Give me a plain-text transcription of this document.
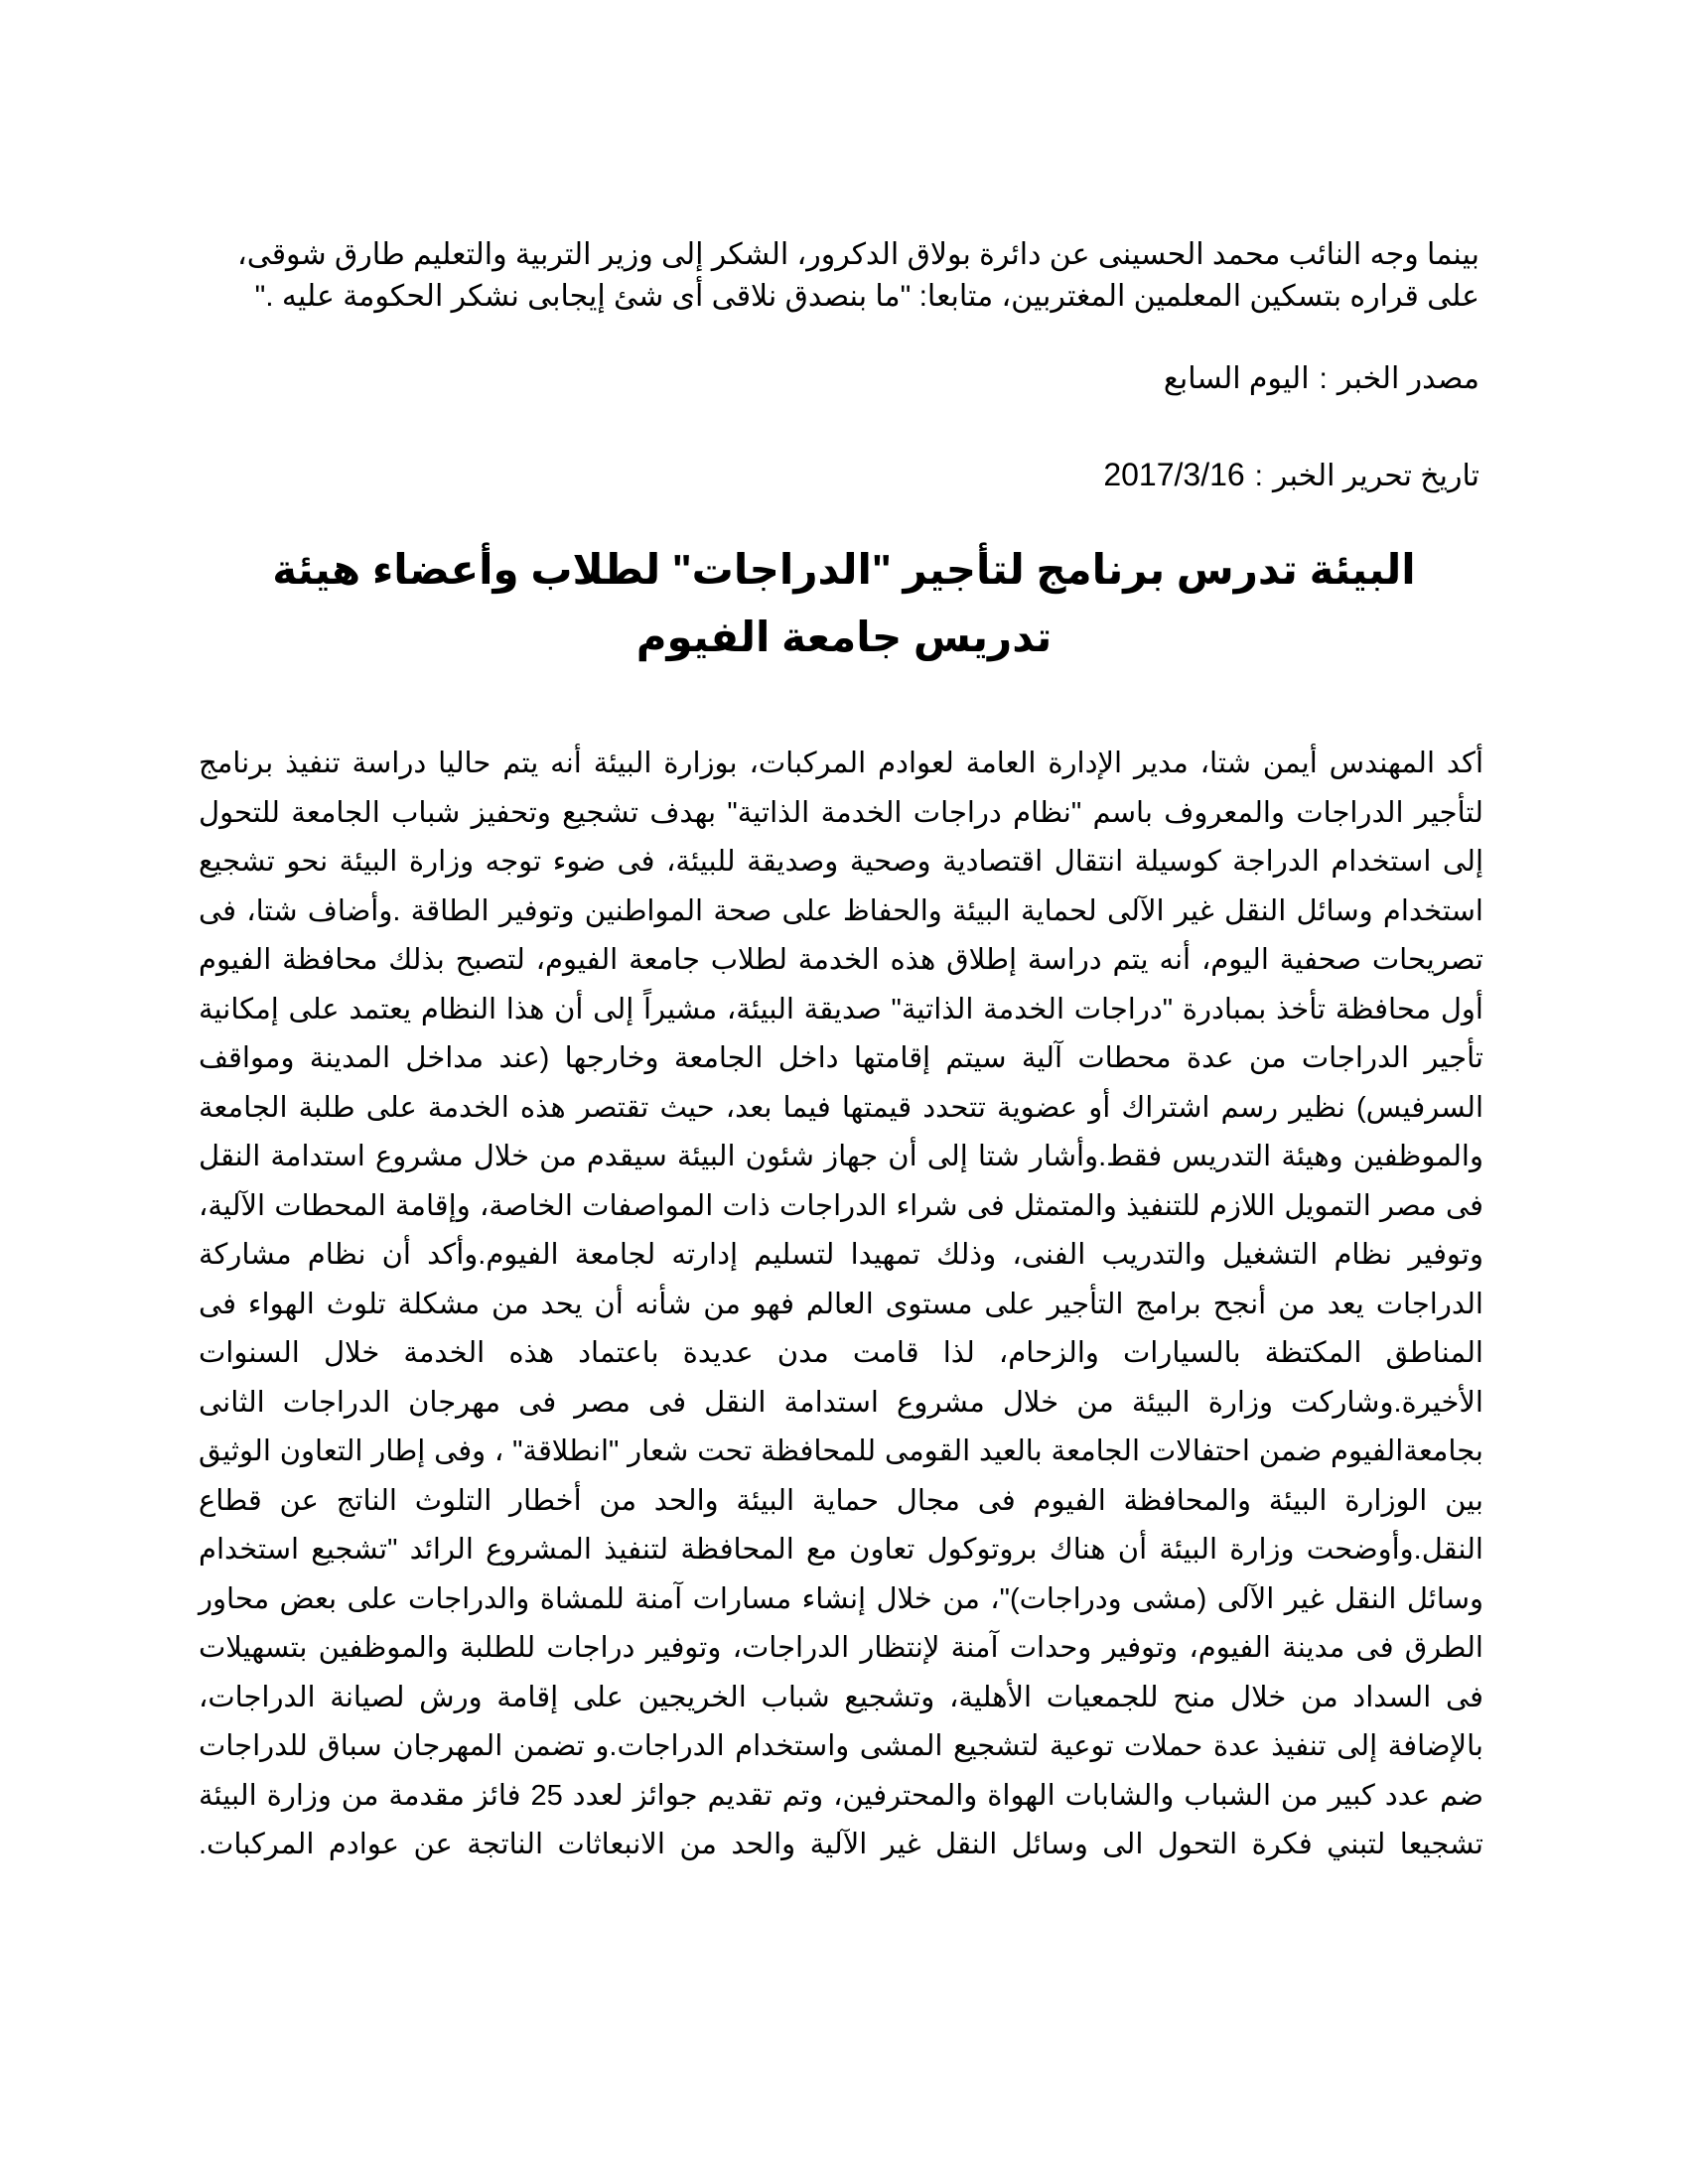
بينما وجه النائب محمد الحسينى عن دائرة بولاق الدكرور، الشكر إلى وزير التربية والتعليم طارق شوقى، على قراره بتسكين المعلمين المغتربين، متابعا: "ما بنصدق نلاقى أى شئ إيجابى نشكر الحكومة عليه ."

مصدر الخبر:اليوم السابع

تاريخ تحرير الخبر:2017/3/16

البيئة تدرس برنامج لتأجير "الدراجات" لطلاب وأعضاء هيئة تدريس جامعة الفيوم

أكد المهندس أيمن شتا، مدير الإدارة العامة لعوادم المركبات، بوزارة البيئة أنه يتم حاليا دراسة تنفيذ برنامج لتأجير الدراجات والمعروف باسم "نظام دراجات الخدمة الذاتية" بهدف تشجيع وتحفيز شباب الجامعة للتحول إلى استخدام الدراجة كوسيلة انتقال اقتصادية وصحية وصديقة للبيئة، فى ضوء توجه وزارة البيئة نحو تشجيع استخدام وسائل النقل غير الآلى لحماية البيئة والحفاظ على صحة المواطنين وتوفير الطاقة .وأضاف شتا، فى تصريحات صحفية اليوم، أنه يتم دراسة إطلاق هذه الخدمة لطلاب جامعة الفيوم، لتصبح بذلك محافظة الفيوم أول محافظة تأخذ بمبادرة "دراجات الخدمة الذاتية" صديقة البيئة، مشيراً إلى أن هذا النظام يعتمد على إمكانية تأجير الدراجات من عدة محطات آلية سيتم إقامتها داخل الجامعة وخارجها (عند مداخل المدينة ومواقف السرفيس) نظير رسم اشتراك أو عضوية تتحدد قيمتها فيما بعد، حيث تقتصر هذه الخدمة على طلبة الجامعة والموظفين وهيئة التدريس فقط.وأشار شتا إلى أن جهاز شئون البيئة سيقدم من خلال مشروع استدامة النقل فى مصر التمويل اللازم للتنفيذ والمتمثل فى شراء الدراجات ذات المواصفات الخاصة، وإقامة المحطات الآلية، وتوفير نظام التشغيل والتدريب الفنى، وذلك تمهيدا لتسليم إدارته لجامعة الفيوم.وأكد أن نظام مشاركة الدراجات يعد من أنجح برامج التأجير على مستوى العالم فهو من شأنه أن يحد من مشكلة تلوث الهواء فى المناطق المكتظة بالسيارات والزحام، لذا قامت مدن عديدة باعتماد هذه الخدمة خلال السنوات الأخيرة.وشاركت وزارة البيئة من خلال مشروع استدامة النقل فى مصر فى مهرجان الدراجات الثانى بجامعةالفيوم ضمن احتفالات الجامعة بالعيد القومى للمحافظة تحت شعار "انطلاقة" ، وفى إطار التعاون الوثيق بين الوزارة البيئة والمحافظة الفيوم فى مجال حماية البيئة والحد من أخطار التلوث الناتج عن قطاع النقل.وأوضحت وزارة البيئة أن هناك بروتوكول تعاون مع المحافظة لتنفيذ المشروع الرائد "تشجيع استخدام وسائل النقل غير الآلى (مشى ودراجات)"، من خلال إنشاء مسارات آمنة للمشاة والدراجات على بعض محاور الطرق فى مدينة الفيوم، وتوفير وحدات آمنة لإنتظار الدراجات، وتوفير دراجات للطلبة والموظفين بتسهيلات فى السداد من خلال منح للجمعيات الأهلية، وتشجيع شباب الخريجين على إقامة ورش لصيانة الدراجات، بالإضافة إلى تنفيذ عدة حملات توعية لتشجيع المشى واستخدام الدراجات.و تضمن المهرجان سباق للدراجات ضم عدد كبير من الشباب والشابات الهواة والمحترفين، وتم تقديم جوائز لعدد 25 فائز مقدمة من وزارة البيئة تشجيعا لتبني فكرة التحول الى وسائل النقل غير الآلية والحد من الانبعاثات الناتجة عن عوادم المركبات.
